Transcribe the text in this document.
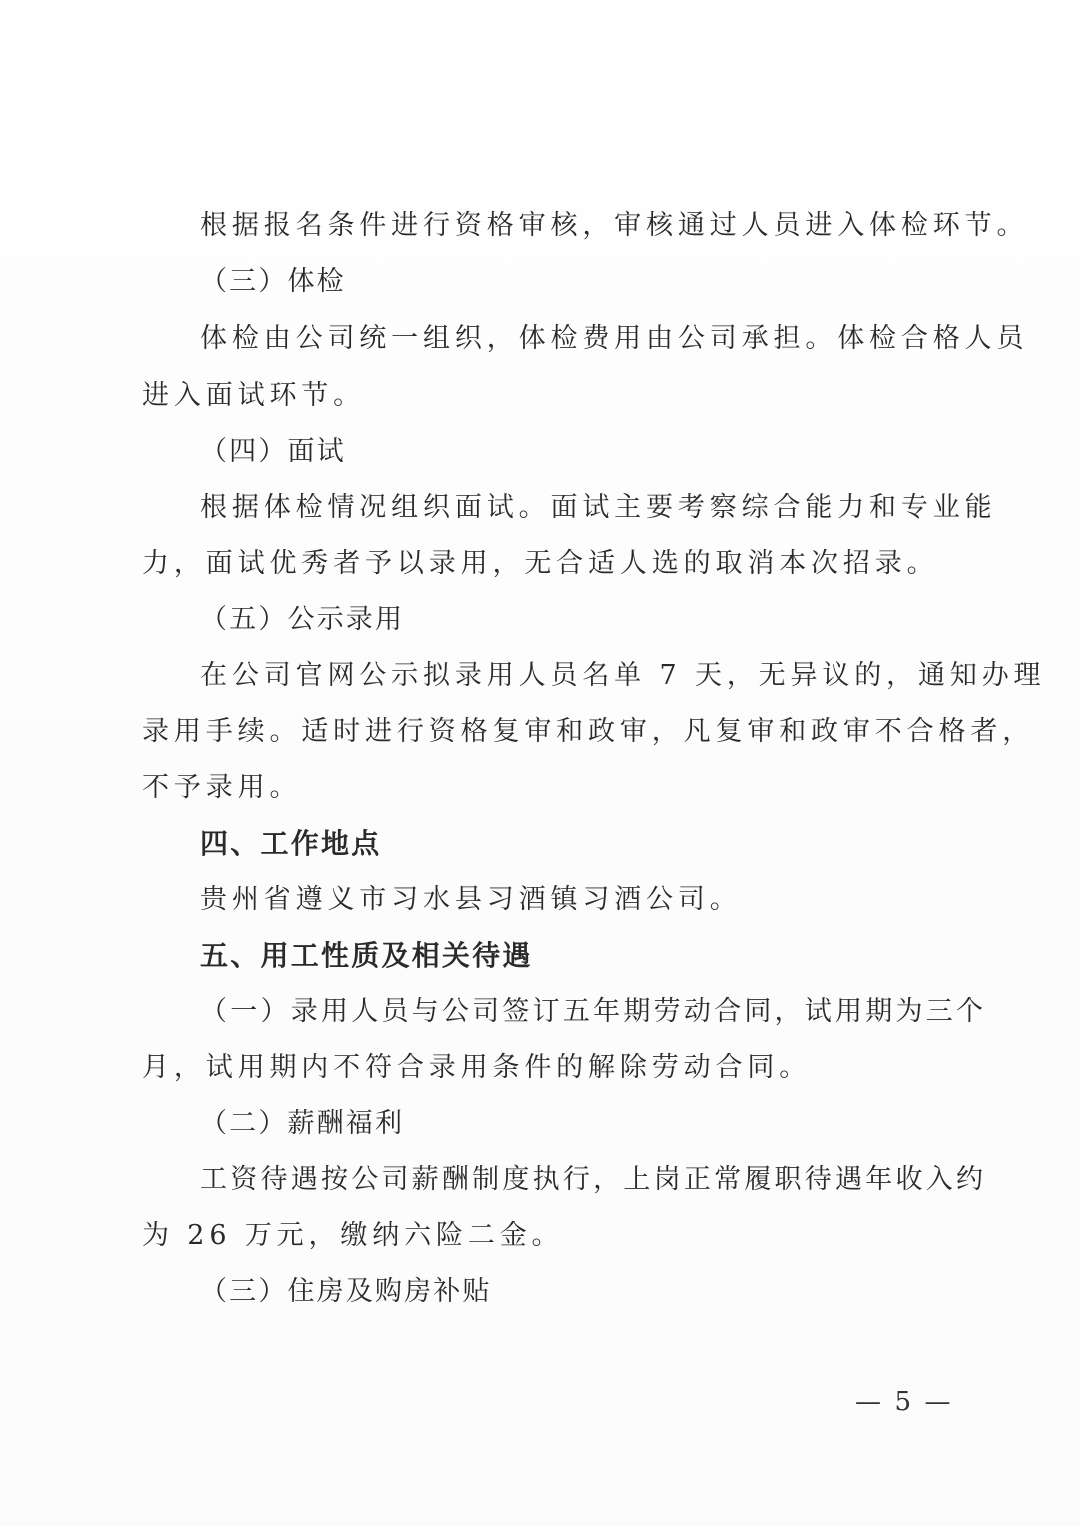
根据报名条件进行资格审核，审核通过人员进入体检环节。
（三）体检
体检由公司统一组织，体检费用由公司承担。体检合格人员
进入面试环节。
（四）面试
根据体检情况组织面试。面试主要考察综合能力和专业能
力，面试优秀者予以录用，无合适人选的取消本次招录。
（五）公示录用
在公司官网公示拟录用人员名单 7 天，无异议的，通知办理
录用手续。适时进行资格复审和政审，凡复审和政审不合格者，
不予录用。
四、工作地点
贵州省遵义市习水县习酒镇习酒公司。
五、用工性质及相关待遇
（一）录用人员与公司签订五年期劳动合同，试用期为三个
月，试用期内不符合录用条件的解除劳动合同。
（二）薪酬福利
工资待遇按公司薪酬制度执行，上岗正常履职待遇年收入约
为 26 万元，缴纳六险二金。
（三）住房及购房补贴
— 5 —
